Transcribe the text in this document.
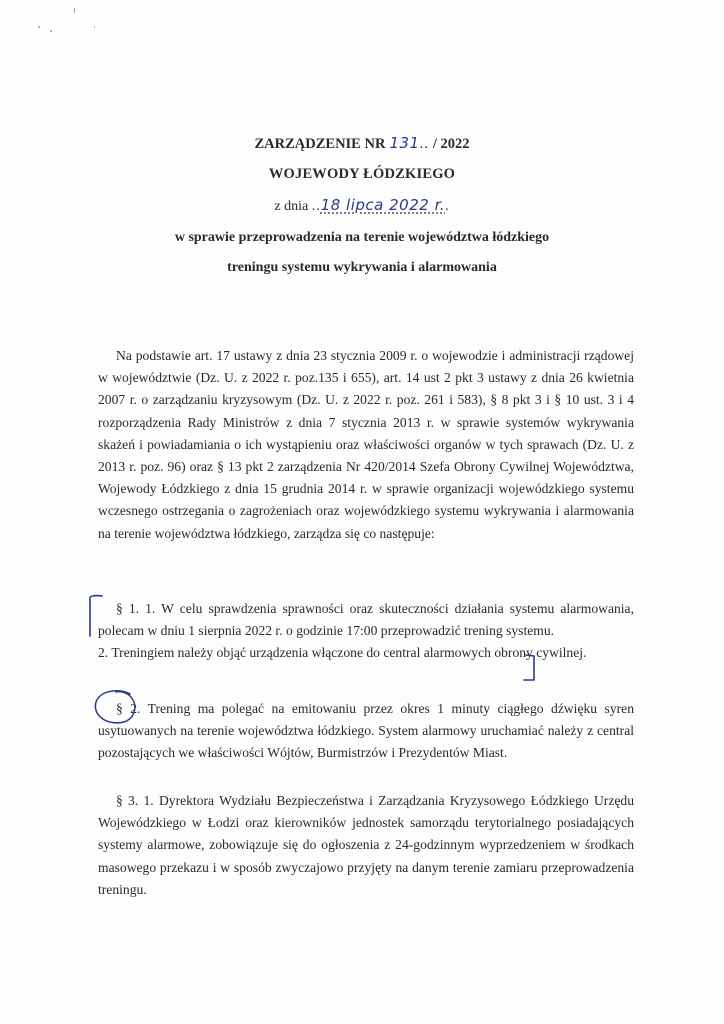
ZARZĄDZENIE NR 131.. / 2022
WOJEWODY ŁÓDZKIEGO
z dnia ..18 lipca 2022 r..
w sprawie przeprowadzenia na terenie województwa łódzkiego
treningu systemu wykrywania i alarmowania

Na podstawie art. 17 ustawy z dnia 23 stycznia 2009 r. o wojewodzie i administracji rządowej w województwie (Dz. U. z 2022 r. poz.135 i 655), art. 14 ust 2 pkt 3 ustawy z dnia 26 kwietnia 2007 r. o zarządzaniu kryzysowym (Dz. U. z 2022 r. poz. 261 i 583), § 8 pkt 3 i § 10 ust. 3 i 4 rozporządzenia Rady Ministrów z dnia 7 stycznia 2013 r. w sprawie systemów wykrywania skażeń i powiadamiania o ich wystąpieniu oraz właściwości organów w tych sprawach (Dz. U. z 2013 r. poz. 96) oraz § 13 pkt 2 zarządzenia Nr 420/2014 Szefa Obrony Cywilnej Województwa, Wojewody Łódzkiego z dnia 15 grudnia 2014 r. w sprawie organizacji wojewódzkiego systemu wczesnego ostrzegania o zagrożeniach oraz wojewódzkiego systemu wykrywania i alarmowania na terenie województwa łódzkiego, zarządza się co następuje:

§ 1. 1. W celu sprawdzenia sprawności oraz skuteczności działania systemu alarmowania, polecam w dniu 1 sierpnia 2022 r. o godzinie 17:00 przeprowadzić trening systemu.

2. Treningiem należy objąć urządzenia włączone do central alarmowych obrony cywilnej.

§ 2. Trening ma polegać na emitowaniu przez okres 1 minuty ciągłego dźwięku syren usytuowanych na terenie województwa łódzkiego. System alarmowy uruchamiać należy z central pozostających we właściwości Wójtów, Burmistrzów i Prezydentów Miast.

§ 3. 1. Dyrektora Wydziału Bezpieczeństwa i Zarządzania Kryzysowego Łódzkiego Urzędu Wojewódzkiego w Łodzi oraz kierowników jednostek samorządu terytorialnego posiadających systemy alarmowe, zobowiązuje się do ogłoszenia z 24-godzinnym wyprzedzeniem w środkach masowego przekazu i w sposób zwyczajowo przyjęty na danym terenie zamiaru przeprowadzenia treningu.
